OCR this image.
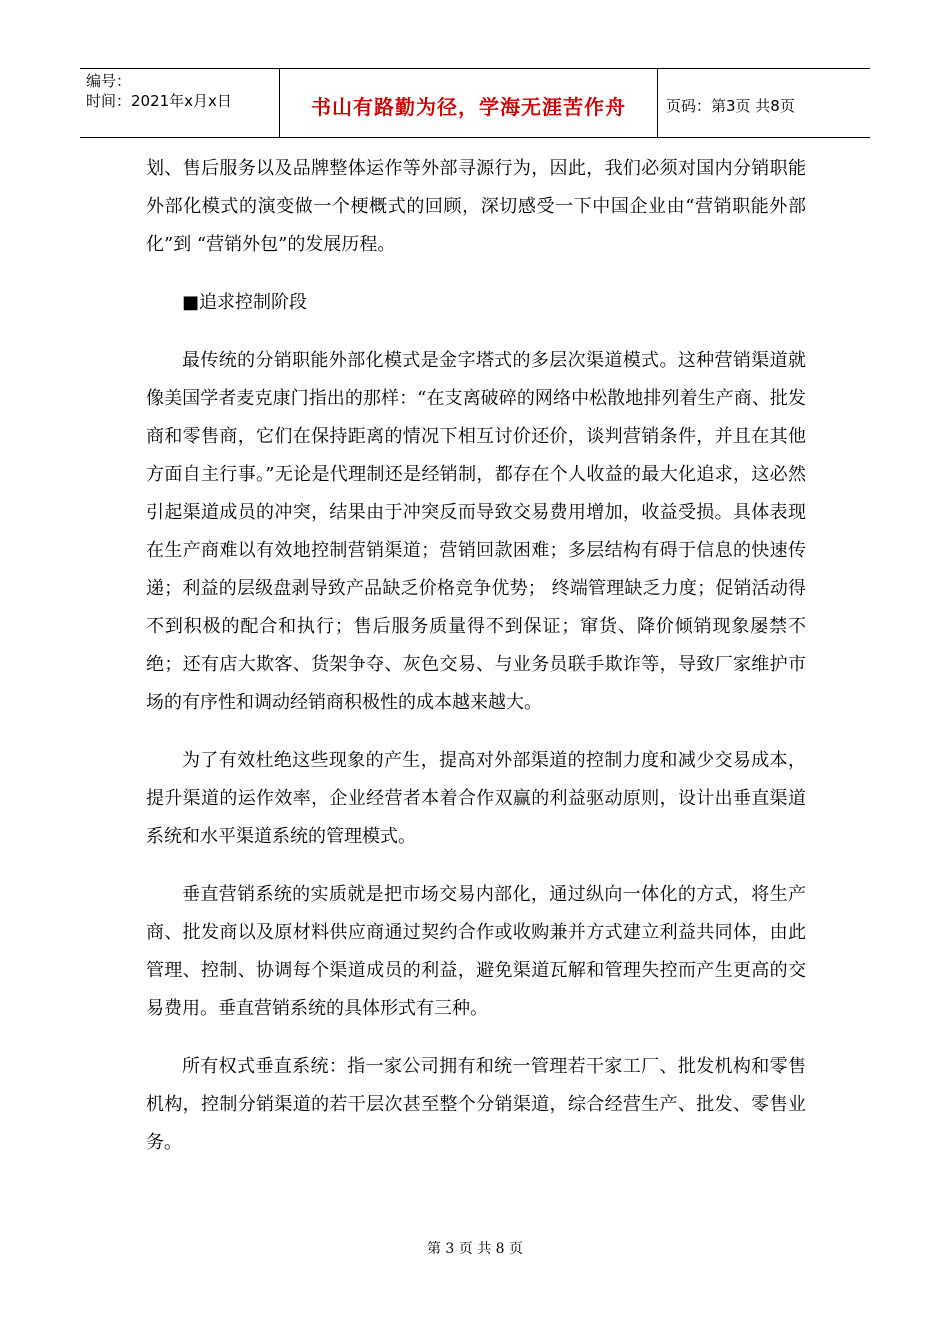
编号：
时间：2021年x月x日	书山有路勤为径，学海无涯苦作舟	页码：第3页 共8页

划、售后服务以及品牌整体运作等外部寻源行为，因此，我们必须对国内分销职能外部化模式的演变做一个梗概式的回顾，深切感受一下中国企业由“营销职能外部化”到 “营销外包”的发展历程。

■追求控制阶段

最传统的分销职能外部化模式是金字塔式的多层次渠道模式。这种营销渠道就像美国学者麦克康门指出的那样：“在支离破碎的网络中松散地排列着生产商、批发商和零售商，它们在保持距离的情况下相互讨价还价，谈判营销条件，并且在其他方面自主行事。”无论是代理制还是经销制，都存在个人收益的最大化追求，这必然引起渠道成员的冲突，结果由于冲突反而导致交易费用增加，收益受损。具体表现在生产商难以有效地控制营销渠道；营销回款困难；多层结构有碍于信息的快速传递；利益的层级盘剥导致产品缺乏价格竞争优势； 终端管理缺乏力度；促销活动得不到积极的配合和执行；售后服务质量得不到保证；窜货、降价倾销现象屡禁不绝；还有店大欺客、货架争夺、灰色交易、与业务员联手欺诈等，导致厂家维护市场的有序性和调动经销商积极性的成本越来越大。

为了有效杜绝这些现象的产生，提高对外部渠道的控制力度和减少交易成本，提升渠道的运作效率，企业经营者本着合作双赢的利益驱动原则，设计出垂直渠道系统和水平渠道系统的管理模式。

垂直营销系统的实质就是把市场交易内部化，通过纵向一体化的方式，将生产商、批发商以及原材料供应商通过契约合作或收购兼并方式建立利益共同体，由此管理、控制、协调每个渠道成员的利益，避免渠道瓦解和管理失控而产生更高的交易费用。垂直营销系统的具体形式有三种。

所有权式垂直系统：指一家公司拥有和统一管理若干家工厂、批发机构和零售机构，控制分销渠道的若干层次甚至整个分销渠道，综合经营生产、批发、零售业务。

第 3 页 共 8 页
